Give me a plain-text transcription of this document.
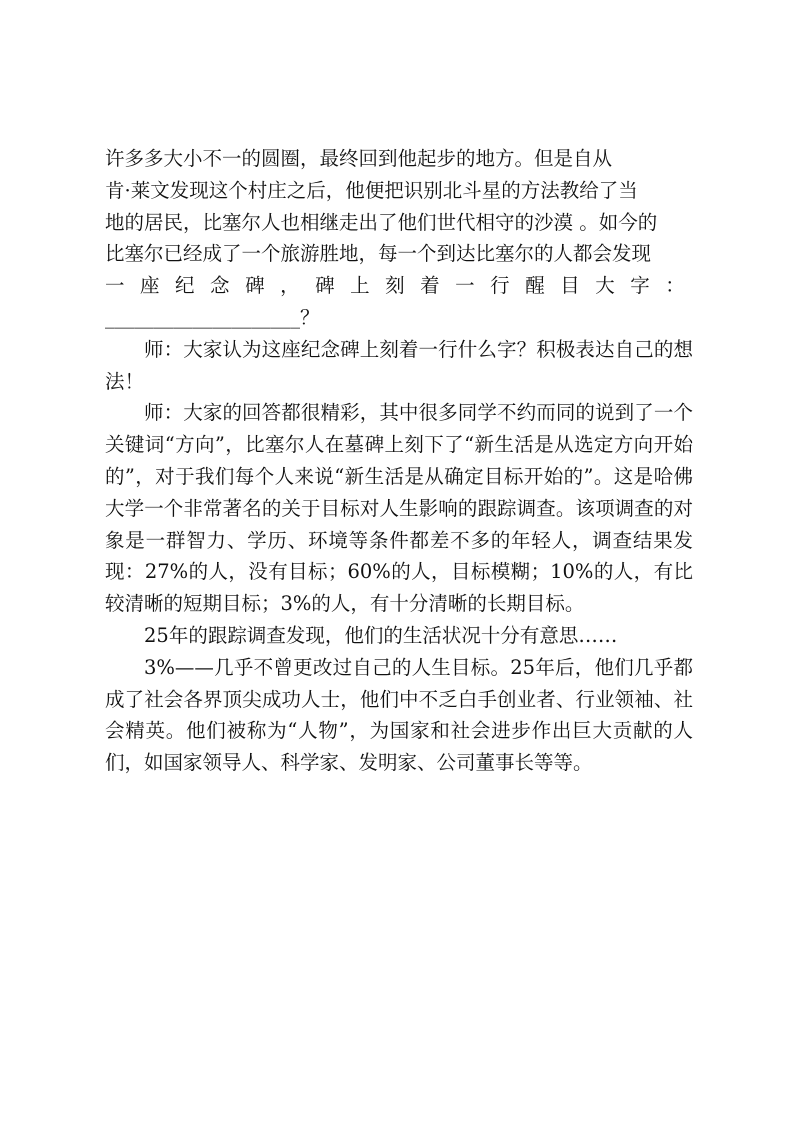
许多多大小不一的圆圈，最终回到他起步的地方。但是自从
肯·莱文发现这个村庄之后，他便把识别北斗星的方法教给了当
地的居民，比塞尔人也相继走出了他们世代相守的沙漠 。如今的
比塞尔已经成了一个旅游胜地，每一个到达比塞尔的人都会发现
一 座 纪 念 碑 ， 碑 上 刻 着 一 行 醒 目 大 字 ：
____________________？

师：大家认为这座纪念碑上刻着一行什么字？积极表达自己的想法！

师：大家的回答都很精彩，其中很多同学不约而同的说到了一个关键词“方向”，比塞尔人在墓碑上刻下了“新生活是从选定方向开始的”，对于我们每个人来说“新生活是从确定目标开始的”。这是哈佛大学一个非常著名的关于目标对人生影响的跟踪调查。该项调查的对象是一群智力、学历、环境等条件都差不多的年轻人，调查结果发现：27%的人，没有目标；60%的人，目标模糊；10%的人，有比较清晰的短期目标；3%的人，有十分清晰的长期目标。

25年的跟踪调查发现，他们的生活状况十分有意思……

3%——几乎不曾更改过自己的人生目标。25年后，他们几乎都成了社会各界顶尖成功人士，他们中不乏白手创业者、行业领袖、社会精英。他们被称为“人物”，为国家和社会进步作出巨大贡献的人们，如国家领导人、科学家、发明家、公司董事长等等。
